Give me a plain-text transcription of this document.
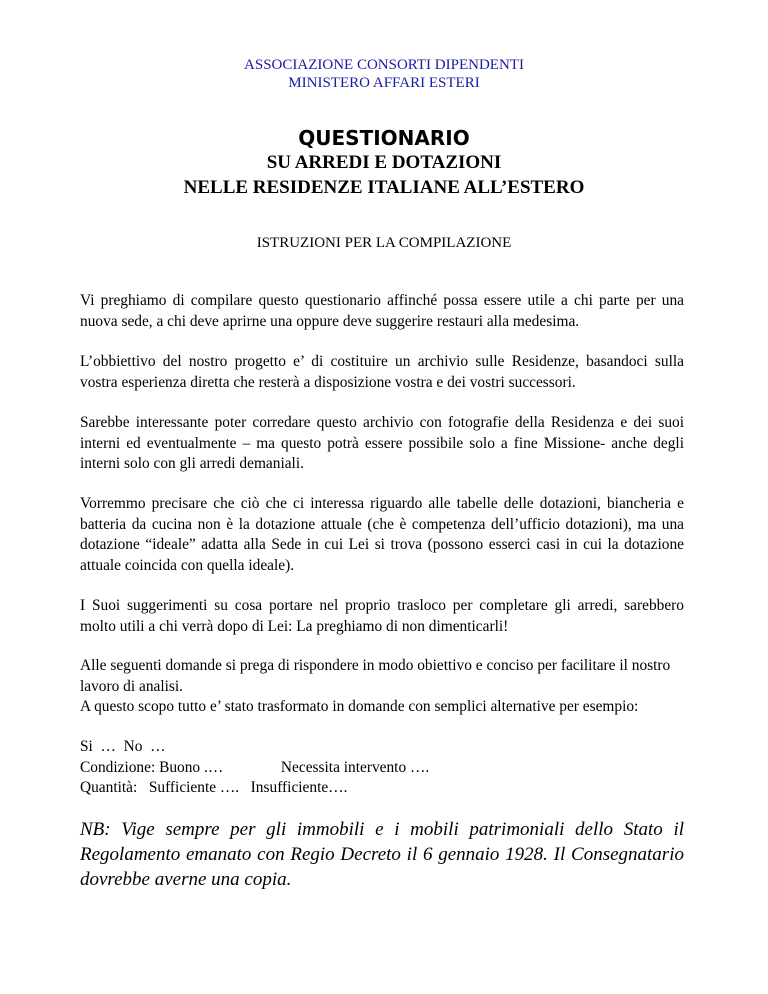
ASSOCIAZIONE CONSORTI DIPENDENTI
MINISTERO AFFARI ESTERI
QUESTIONARIO
SU ARREDI E DOTAZIONI
NELLE RESIDENZE ITALIANE ALL’ESTERO
ISTRUZIONI PER LA COMPILAZIONE

Vi preghiamo di compilare questo questionario affinché possa essere utile a chi parte per una nuova sede, a chi deve aprirne una oppure deve suggerire restauri alla medesima.

L’obbiettivo del nostro progetto e’ di costituire un archivio sulle Residenze, basandoci sulla vostra esperienza diretta che resterà a disposizione vostra e dei vostri successori.

Sarebbe interessante poter corredare questo archivio con fotografie della Residenza e dei suoi interni ed eventualmente – ma questo potrà essere possibile solo a fine Missione- anche degli interni solo con gli arredi demaniali.

Vorremmo precisare che ciò che ci interessa riguardo alle tabelle delle dotazioni, biancheria e batteria da cucina non è la dotazione attuale (che è competenza dell’ufficio dotazioni), ma una dotazione “ideale” adatta alla Sede in cui Lei si trova (possono esserci casi in cui la dotazione attuale coincida con quella ideale).

I Suoi suggerimenti su cosa portare nel proprio trasloco per completare gli arredi, sarebbero molto utili a chi verrà dopo di Lei: La preghiamo di non dimenticarli!

Alle seguenti domande si prega di rispondere in modo obiettivo e conciso per facilitare il nostro lavoro di analisi.
A questo scopo tutto e’ stato trasformato in domande con semplici alternative per esempio:

Si  …  No  …
Condizione: Buono .…               Necessita intervento ….
Quantità:   Sufficiente ….   Insufficiente….

NB: Vige sempre per gli immobili e i mobili patrimoniali dello Stato il Regolamento emanato con Regio Decreto il 6 gennaio 1928. Il Consegnatario dovrebbe averne una copia.
